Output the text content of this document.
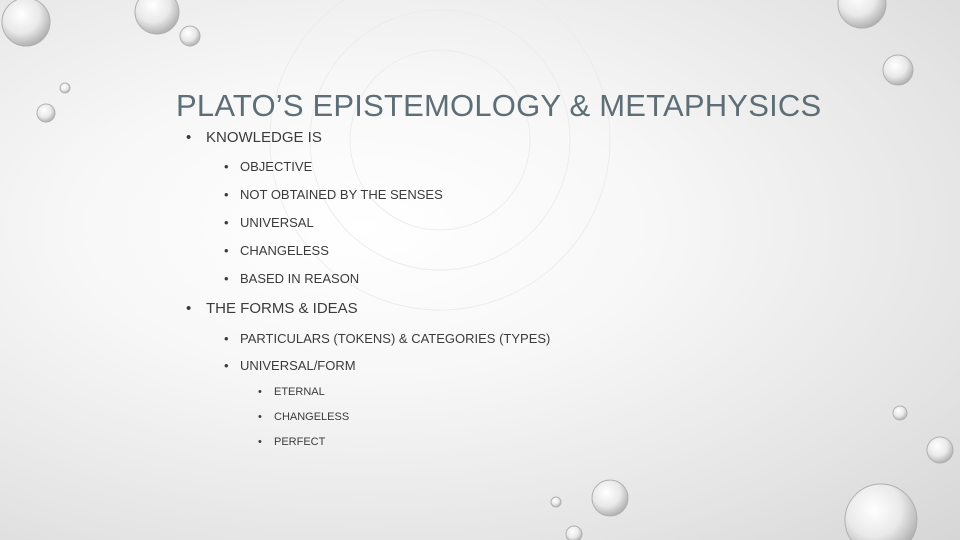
PLATO’S EPISTEMOLOGY & METAPHYSICS
• KNOWLEDGE IS
• OBJECTIVE
• NOT OBTAINED BY THE SENSES
• UNIVERSAL
• CHANGELESS
• BASED IN REASON
• THE FORMS & IDEAS
• PARTICULARS (TOKENS) & CATEGORIES (TYPES)
• UNIVERSAL/FORM
• ETERNAL
• CHANGELESS
• PERFECT
